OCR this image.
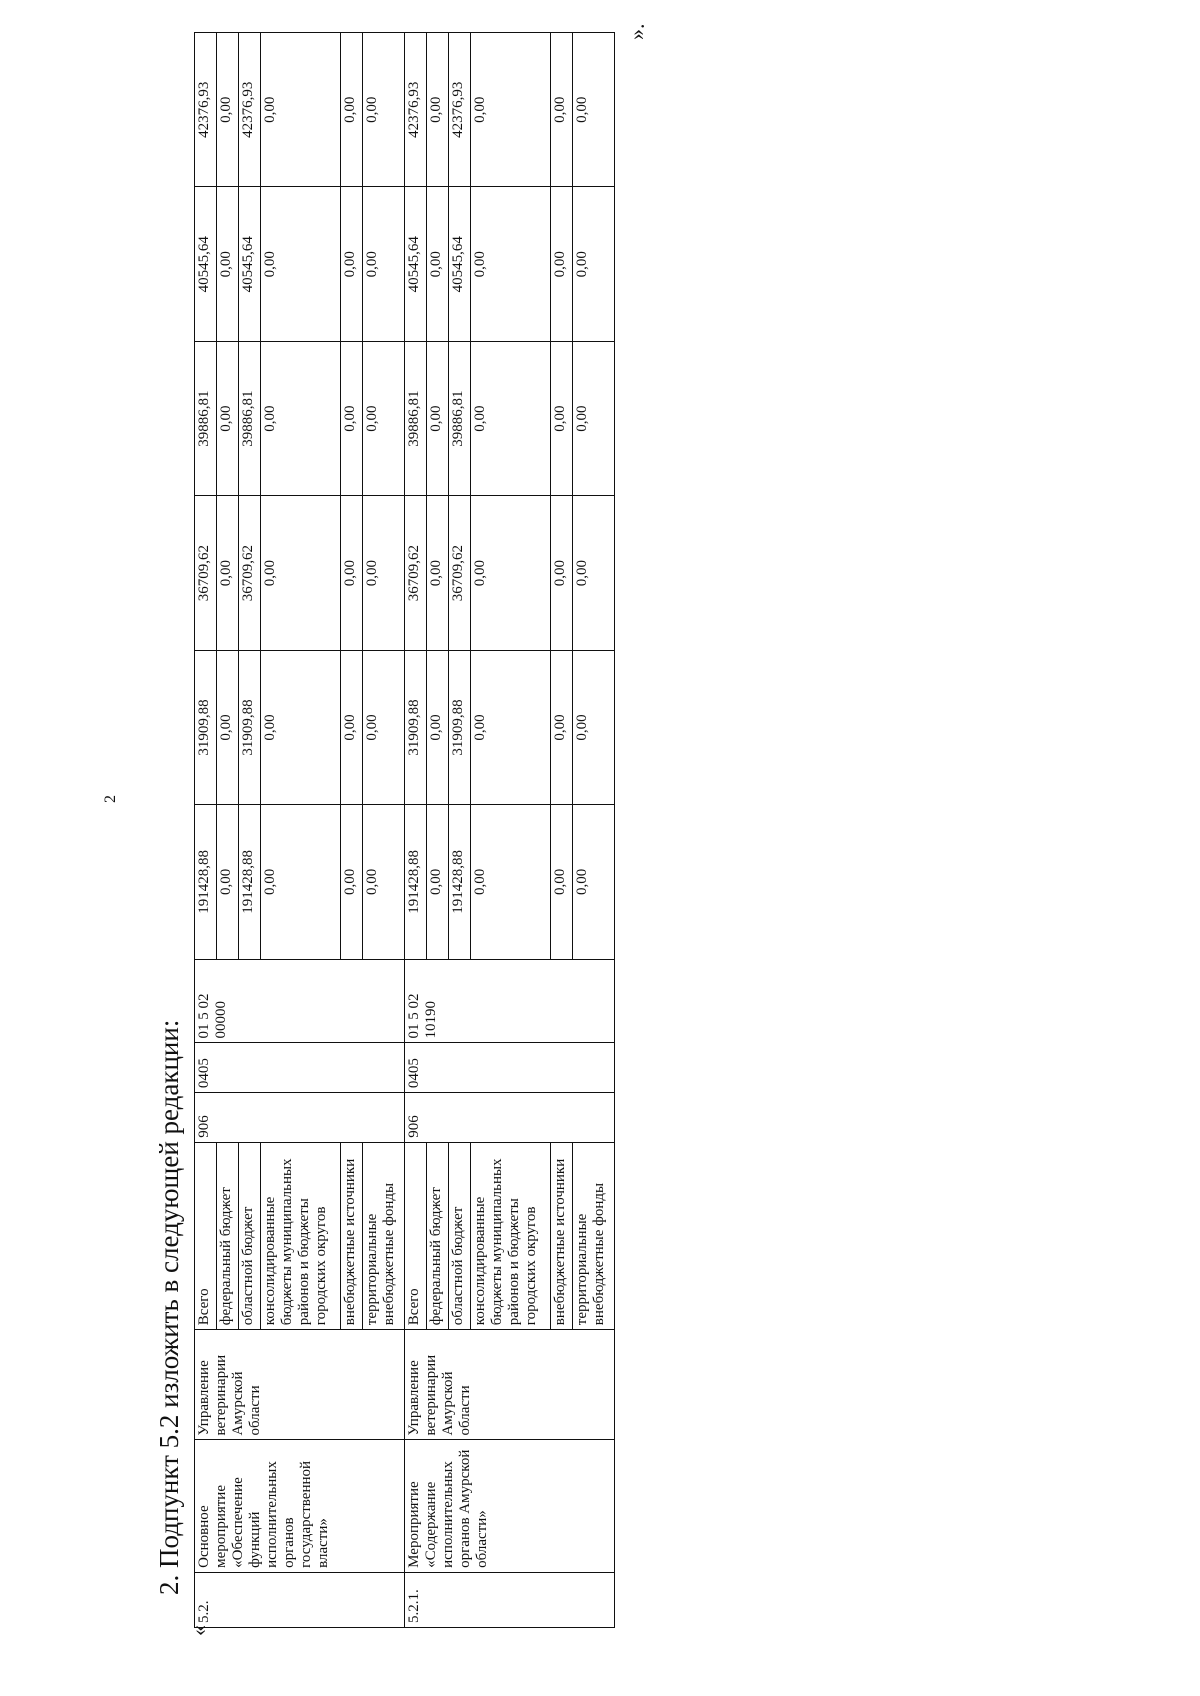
2
2. Подпункт 5.2 изложить в следующей редакции:
«
5.2.	Основное мероприятие «Обеспечение функций исполнительных органов государственной власти»	Управление ветеринарии Амурской области	Всего	906	0405	01 5 02 00000	191428,88	31909,88	36709,62	39886,81	40545,64	42376,93
			федеральный бюджет				0,00	0,00	0,00	0,00	0,00	0,00
			областной бюджет				191428,88	31909,88	36709,62	39886,81	40545,64	42376,93
			консолидированные бюджеты муниципальных районов и бюджеты городских округов				0,00	0,00	0,00	0,00	0,00	0,00
			внебюджетные источники				0,00	0,00	0,00	0,00	0,00	0,00
			территориальные внебюджетные фонды				0,00	0,00	0,00	0,00	0,00	0,00
5.2.1.	Мероприятие «Содержание исполнительных органов Амурской области»	Управление ветеринарии Амурской области	Всего	906	0405	01 5 02 10190	191428,88	31909,88	36709,62	39886,81	40545,64	42376,93
			федеральный бюджет				0,00	0,00	0,00	0,00	0,00	0,00
			областной бюджет				191428,88	31909,88	36709,62	39886,81	40545,64	42376,93
			консолидированные бюджеты муниципальных районов и бюджеты городских округов				0,00	0,00	0,00	0,00	0,00	0,00
			внебюджетные источники				0,00	0,00	0,00	0,00	0,00	0,00
			территориальные внебюджетные фонды				0,00	0,00	0,00	0,00	0,00	0,00
».
